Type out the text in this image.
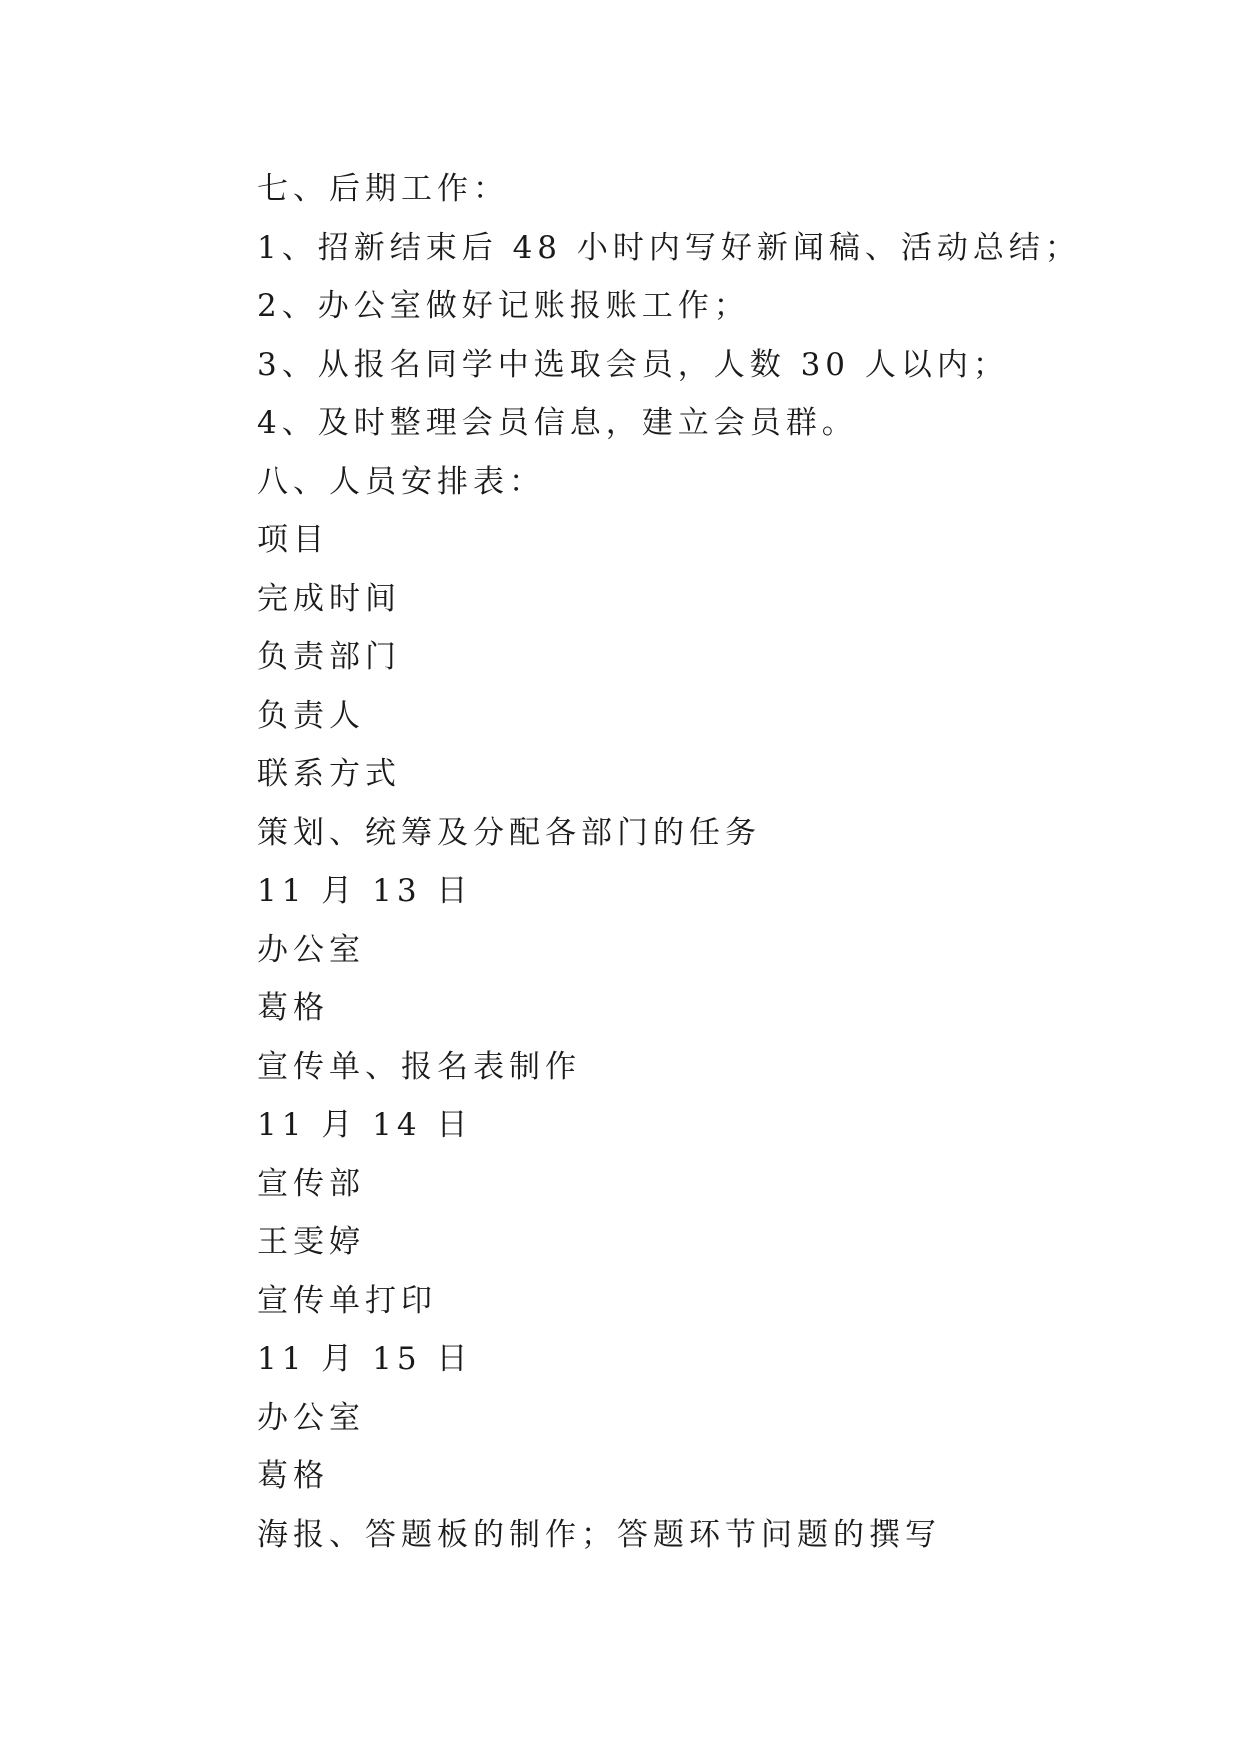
七、后期工作：
1、招新结束后 48 小时内写好新闻稿、活动总结；
2、办公室做好记账报账工作；
3、从报名同学中选取会员，人数 30 人以内；
4、及时整理会员信息，建立会员群。
八、人员安排表：
项目
完成时间
负责部门
负责人
联系方式
策划、统筹及分配各部门的任务
11 月 13 日
办公室
葛格
宣传单、报名表制作
11 月 14 日
宣传部
王雯婷
宣传单打印
11 月 15 日
办公室
葛格
海报、答题板的制作；答题环节问题的撰写
